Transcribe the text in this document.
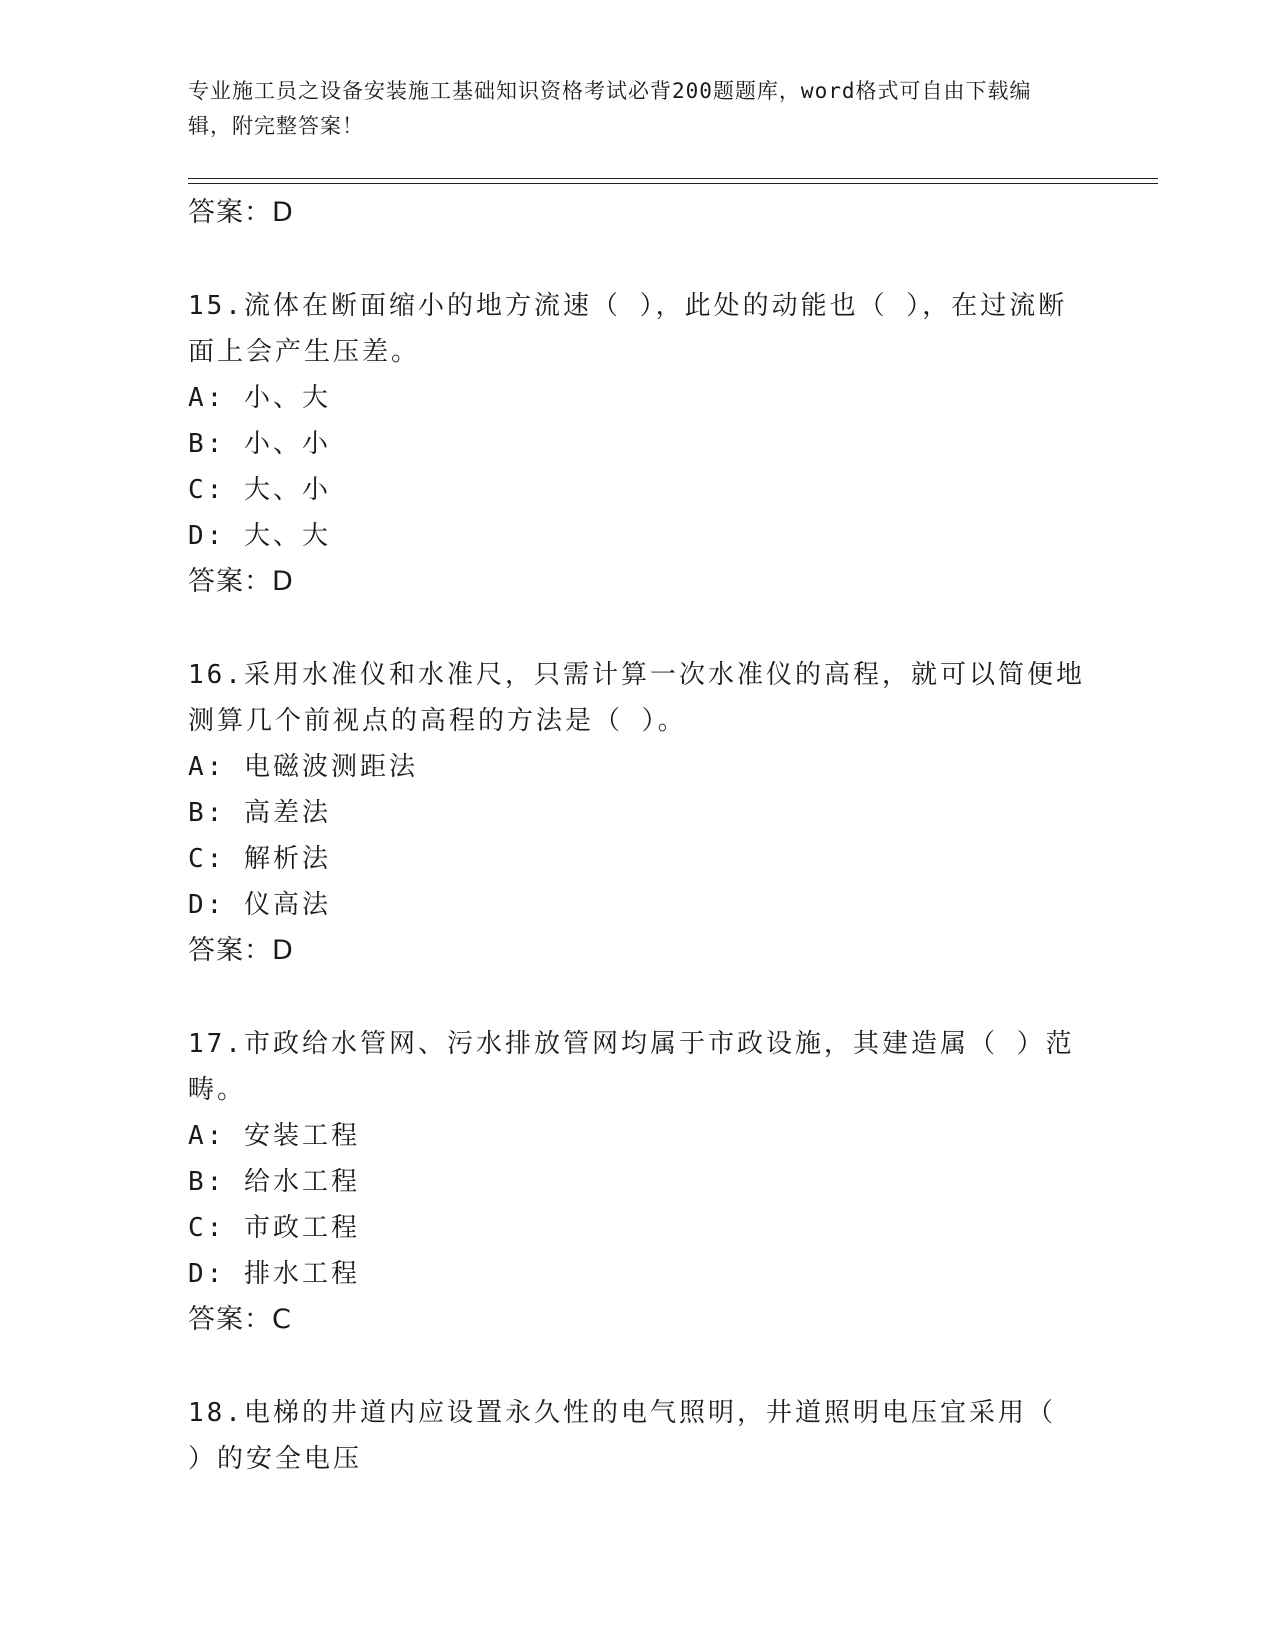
专业施工员之设备安装施工基础知识资格考试必背200题题库，word格式可自由下载编辑，附完整答案！
答案：D
15.流体在断面缩小的地方流速（ ），此处的动能也（ ），在过流断面上会产生压差。
A: 小、大
B: 小、小
C: 大、小
D: 大、大
答案：D
16.采用水准仪和水准尺，只需计算一次水准仪的高程，就可以简便地测算几个前视点的高程的方法是（ ）。
A: 电磁波测距法
B: 高差法
C: 解析法
D: 仪高法
答案：D
17.市政给水管网、污水排放管网均属于市政设施，其建造属（ ）范畴。
A: 安装工程
B: 给水工程
C: 市政工程
D: 排水工程
答案：C
18.电梯的井道内应设置永久性的电气照明，井道照明电压宜采用（ ）的安全电压
